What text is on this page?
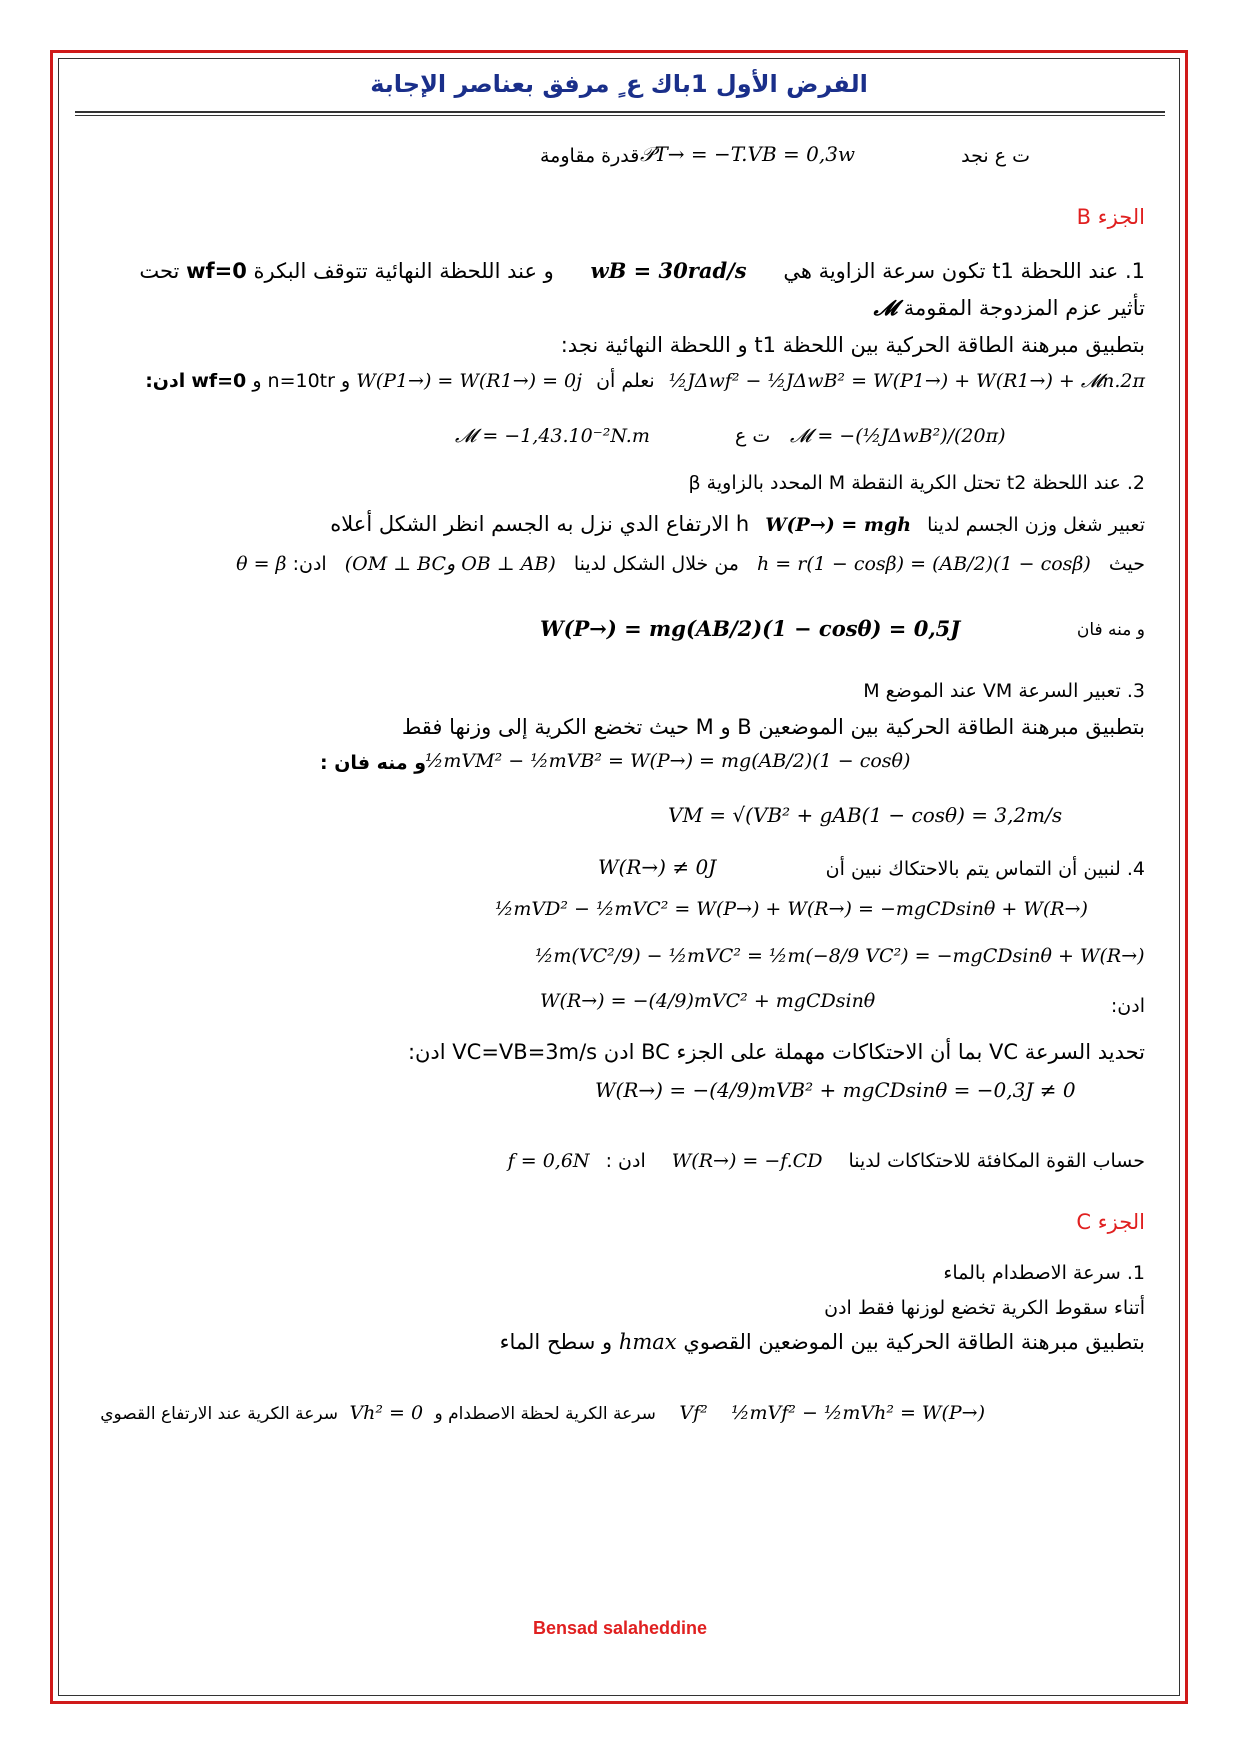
الفرض الأول 1باك ع ٍ مرفق بعناصر الإجابة
ت ع نجد
𝒫T→ = −T.VB = 0,3w
قدرة مقاومة
الجزء B
1. عند اللحظة t1 تكون سرعة الزاوية هي wB = 30rad/s و عند اللحظة النهائية تتوقف البكرة wf=0 تحت
تأثير عزم المزدوجة المقومة 𝓜
بتطبيق مبرهنة الطاقة الحركية بين اللحظة t1 و اللحظة النهائية نجد:
½JΔwf² − ½JΔwB² = W(P1→) + W(R1→) + 𝓜n.2π نعلم أن W(P1→) = W(R1→) = 0j و n=10tr و wf=0 ادن:
𝓜 = −(½JΔwB²)/(20π)
ت ع
𝓜 = −1,43.10⁻²N.m
2. عند اللحظة t2 تحتل الكرية النقطة M المحدد بالزاوية β
تعبير شغل وزن الجسم لدينا W(P→) = mgh h الارتفاع الدي نزل به الجسم انظر الشكل أعلاه
حيث h = r(1 − cosβ) = (AB/2)(1 − cosβ) من خلال الشكل لدينا (OM ⊥ BCو OB ⊥ AB) ادن: θ = β
و منه فان
W(P→) = mg(AB/2)(1 − cosθ) = 0,5J
3. تعبير السرعة VM عند الموضع M
بتطبيق مبرهنة الطاقة الحركية بين الموضعين B و M حيث تخضع الكرية إلى وزنها فقط
½mVM² − ½mVB² = W(P→) = mg(AB/2)(1 − cosθ)
و منه فان :
VM = √(VB² + gAB(1 − cosθ) = 3,2m/s
4. لنبين أن التماس يتم بالاحتكاك نبين أن
W(R→) ≠ 0J
½mVD² − ½mVC² = W(P→) + W(R→) = −mgCDsinθ + W(R→)
½m(VC²/9) − ½mVC² = ½m(−8/9 VC²) = −mgCDsinθ + W(R→)
ادن:
W(R→) = −(4/9)mVC² + mgCDsinθ
تحديد السرعة VC بما أن الاحتكاكات مهملة على الجزء BC ادن VC=VB=3m/s ادن:
W(R→) = −(4/9)mVB² + mgCDsinθ = −0,3J ≠ 0
حساب القوة المكافئة للاحتكاكات لدينا W(R→) = −f.CD ادن : f = 0,6N
الجزء C
1. سرعة الاصطدام بالماء
أتناء سقوط الكرية تخضع لوزنها فقط ادن
بتطبيق مبرهنة الطاقة الحركية بين الموضعين القصوي hmax و سطح الماء
½mVf² − ½mVh² = W(P→) Vf² سرعة الكرية لحظة الاصطدام و Vh² = 0 سرعة الكرية عند الارتفاع القصوي
Bensad salaheddine
